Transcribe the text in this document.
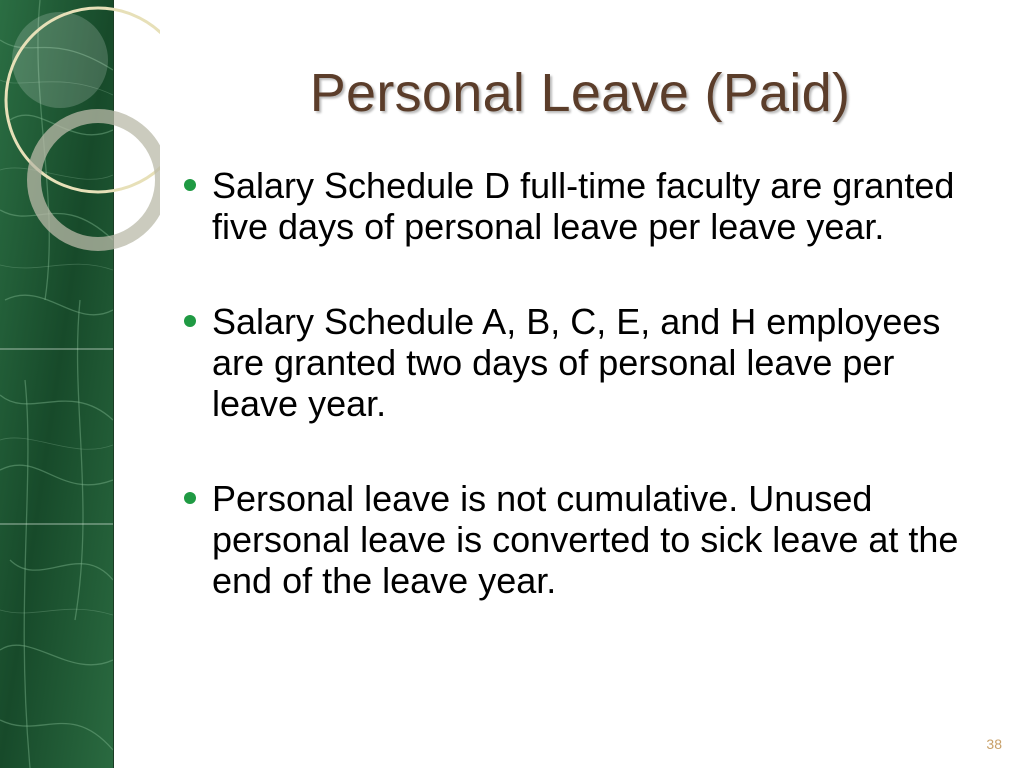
Personal Leave (Paid)
Salary Schedule D full-time faculty are granted five days of personal leave per leave year.
Salary Schedule A, B, C, E, and H employees are granted two days of personal leave per leave year.
Personal leave is not cumulative. Unused personal leave is converted to sick leave at the end of the leave year.
38
